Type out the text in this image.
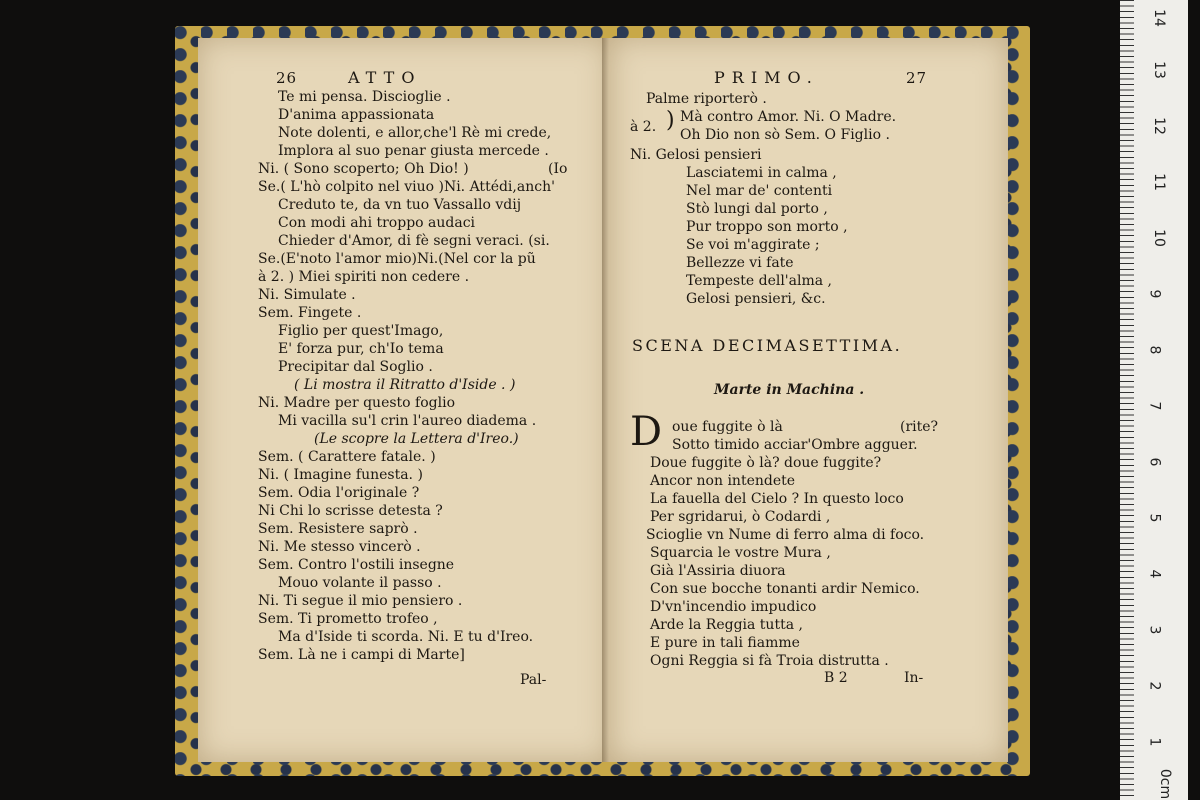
26	ATTO
Te mi pensa. Discioglie .
D'anima appassionata
Note dolenti, e allor,che'l Rè mi crede,
Implora al suo penar giusta mercede .
Ni. ( Sono scoperto; Oh Dio! )	(Io
Se.( L'hò colpito nel viuo )Ni. Attédi,anch'
Creduto te, da vn tuo Vassallo vdij
Con modi ahi troppo audaci
Chieder d'Amor, di fè segni veraci. (si.
Se.(E'noto l'amor mio)Ni.(Nel cor la pũ
à 2. ) Miei spiriti non cedere .
Ni. Simulate .
Sem. Fingete .
Figlio per quest'Imago,
E' forza pur, ch'Io tema
Precipitar dal Soglio .
( Li mostra il Ritratto d'Iside . )
Ni. Madre per questo foglio
Mi vacilla su'l crin l'aureo diadema .
(Le scopre la Lettera d'Ireo.)
Sem. ( Carattere fatale. )
Ni. ( Imagine funesta. )
Sem. Odia l'originale ?
Ni Chi lo scrisse detesta ?
Sem. Resistere saprò .
Ni. Me stesso vincerò .
Sem. Contro l'ostili insegne
Mouo volante il passo .
Ni. Ti segue il mio pensiero .
Sem. Ti prometto trofeo ,
Ma d'Iside ti scorda. Ni. E tu d'Ireo.
Sem. Là ne i campi di Marte]
Pal-
PRIMO.	27
Palme riporterò .
à 2. ) Mà contro Amor. Ni. O Madre.
Oh Dio non sò Sem. O Figlio .
Ni. Gelosi pensieri
Lasciatemi in calma ,
Nel mar de' contenti
Stò lungi dal porto ,
Pur troppo son morto ,
Se voi m'aggirate ;
Bellezze vi fate
Tempeste dell'alma ,
Gelosi pensieri, &c.
SCENA DECIMASETTIMA.
Marte in Machina .
D oue fuggite ò là	(rite?
Sotto timido acciar'Ombre agguer.
Doue fuggite ò là? doue fuggite?
Ancor non intendete
La fauella del Cielo ? In questo loco
Per sgridarui, ò Codardi ,
Scioglie vn Nume di ferro alma di foco.
Squarcia le vostre Mura ,
Già l'Assiria diuora
Con sue bocche tonanti ardir Nemico.
D'vn'incendio impudico
Arde la Reggia tutta ,
E pure in tali fiamme
Ogni Reggia si fà Troia distrutta .
B 2	In-
14
13
12
11
10
9
8
7
6
5
4
3
2
1
0cm
